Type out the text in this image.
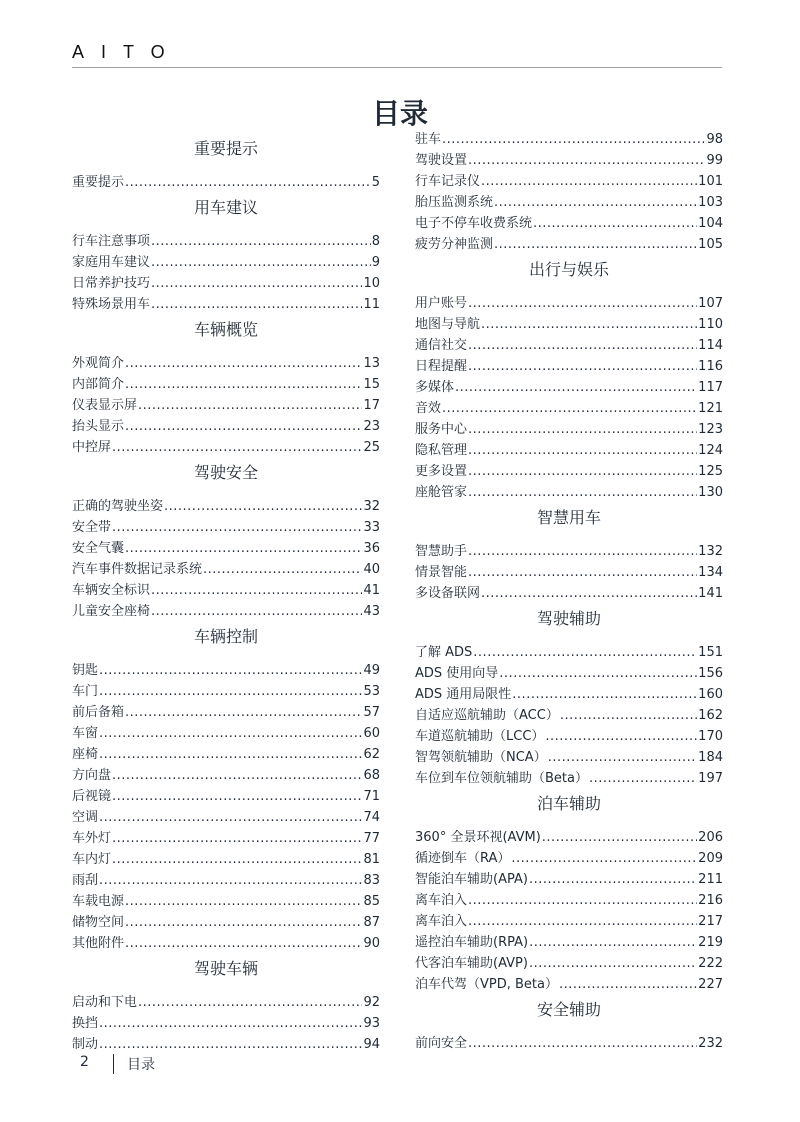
AITO
目录
重要提示
重要提示 .....	5
用车建议
行车注意事项 .....	8
家庭用车建议 .....	9
日常养护技巧 .....	10
特殊场景用车 .....	11
车辆概览
外观简介 .....	13
内部简介 .....	15
仪表显示屏 .....	17
抬头显示 .....	23
中控屏 .....	25
驾驶安全
正确的驾驶坐姿 .....	32
安全带 .....	33
安全气囊 .....	36
汽车事件数据记录系统 .....	40
车辆安全标识 .....	41
儿童安全座椅 .....	43
车辆控制
钥匙 .....	49
车门 .....	53
前后备箱 .....	57
车窗 .....	60
座椅 .....	62
方向盘 .....	68
后视镜 .....	71
空调 .....	74
车外灯 .....	77
车内灯 .....	81
雨刮 .....	83
车载电源 .....	85
储物空间 .....	87
其他附件 .....	90
驾驶车辆
启动和下电 .....	92
换挡 .....	93
制动 .....	94
驻车 .....	98
驾驶设置 .....	99
行车记录仪 .....	101
胎压监测系统 .....	103
电子不停车收费系统 .....	104
疲劳分神监测 .....	105
出行与娱乐
用户账号 .....	107
地图与导航 .....	110
通信社交 .....	114
日程提醒 .....	116
多媒体 .....	117
音效 .....	121
服务中心 .....	123
隐私管理 .....	124
更多设置 .....	125
座舱管家 .....	130
智慧用车
智慧助手 .....	132
情景智能 .....	134
多设备联网 .....	141
驾驶辅助
了解 ADS .....	151
ADS 使用向导 .....	156
ADS 通用局限性 .....	160
自适应巡航辅助（ACC） .....	162
车道巡航辅助（LCC） .....	170
智驾领航辅助（NCA） .....	184
车位到车位领航辅助（Beta） .....	197
泊车辅助
360° 全景环视(AVM) .....	206
循迹倒车（RA） .....	209
智能泊车辅助(APA) .....	211
离车泊入 .....	216
离车泊入 .....	217
遥控泊车辅助(RPA) .....	219
代客泊车辅助(AVP) .....	222
泊车代驾（VPD, Beta） .....	227
安全辅助
前向安全 .....	232
2	目录
